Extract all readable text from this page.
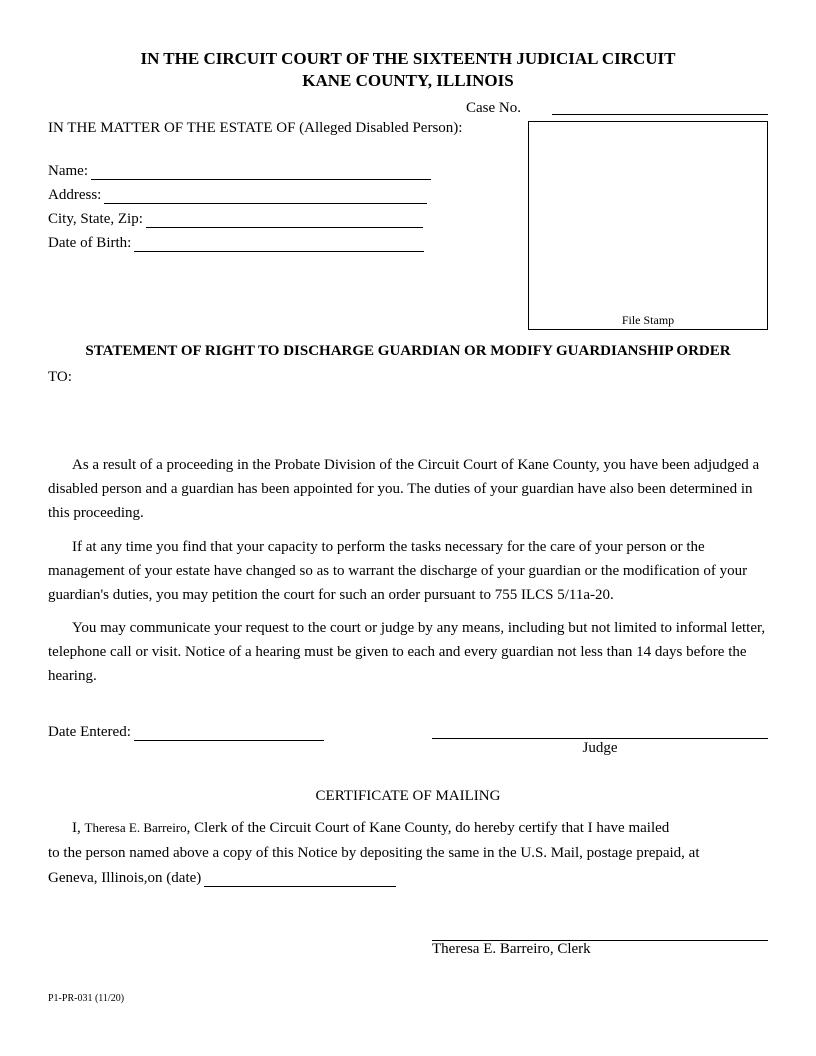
IN THE CIRCUIT COURT OF THE SIXTEENTH JUDICIAL CIRCUIT
KANE COUNTY, ILLINOIS
Case No.
IN THE MATTER OF THE ESTATE OF (Alleged Disabled Person):
Name:
Address:
City, State, Zip:
Date of Birth:
File Stamp
STATEMENT OF RIGHT TO DISCHARGE GUARDIAN OR MODIFY GUARDIANSHIP ORDER
TO:
As a result of a proceeding in the Probate Division of the Circuit Court of Kane County, you have been adjudged a disabled person and a guardian has been appointed for you. The duties of your guardian have also been determined in this proceeding.
If at any time you find that your capacity to perform the tasks necessary for the care of your person or the management of your estate have changed so as to warrant the discharge of your guardian or the modification of your guardian's duties, you may petition the court for such an order pursuant to 755 ILCS 5/11a-20.
You may communicate your request to the court or judge by any means, including but not limited to informal letter, telephone call or visit. Notice of a hearing must be given to each and every guardian not less than 14 days before the hearing.
Date Entered:
Judge
CERTIFICATE OF MAILING
I, Theresa E. Barreiro, Clerk of the Circuit Court of Kane County, do hereby certify that I have mailed
to the person named above a copy of this Notice by depositing the same in the U.S. Mail, postage prepaid, at
Geneva, Illinois,on (date)
Theresa E. Barreiro, Clerk
P1-PR-031 (11/20)
